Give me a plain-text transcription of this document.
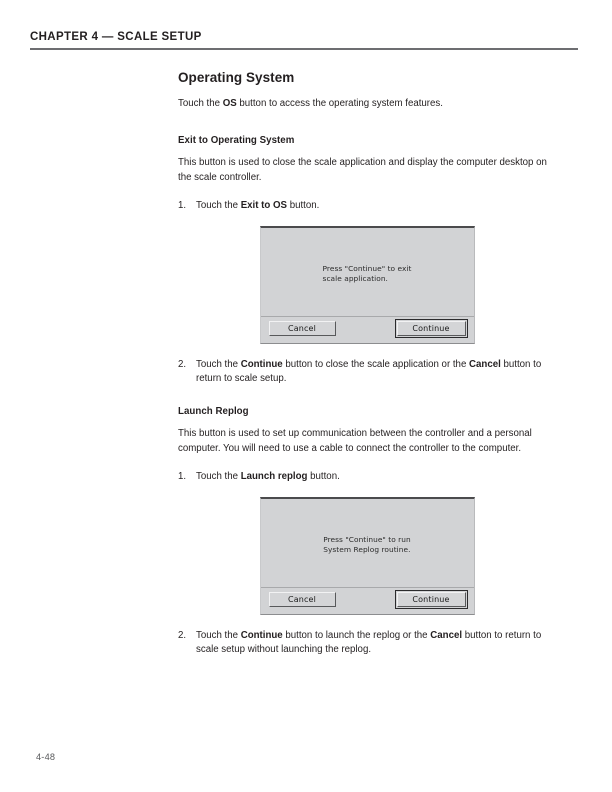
CHAPTER 4 — SCALE SETUP
Operating System

Touch the OS button to access the operating system features.

Exit to Operating System

This button is used to close the scale application and display the computer desktop on the scale controller.

1.	Touch the Exit to OS button.
Press "Continue" to exit
scale application.
Cancel	Continue
2.	Touch the Continue button to close the scale application or the Cancel button to return to scale setup.
Launch Replog

This button is used to set up communication between the controller and a personal computer. You will need to use a cable to connect the controller to the computer.

1.	Touch the Launch replog button.
Press "Continue" to run
System Replog routine.
Cancel	Continue
2.	Touch the Continue button to launch the replog or the Cancel button to return to scale setup without launching the replog.
4-48
